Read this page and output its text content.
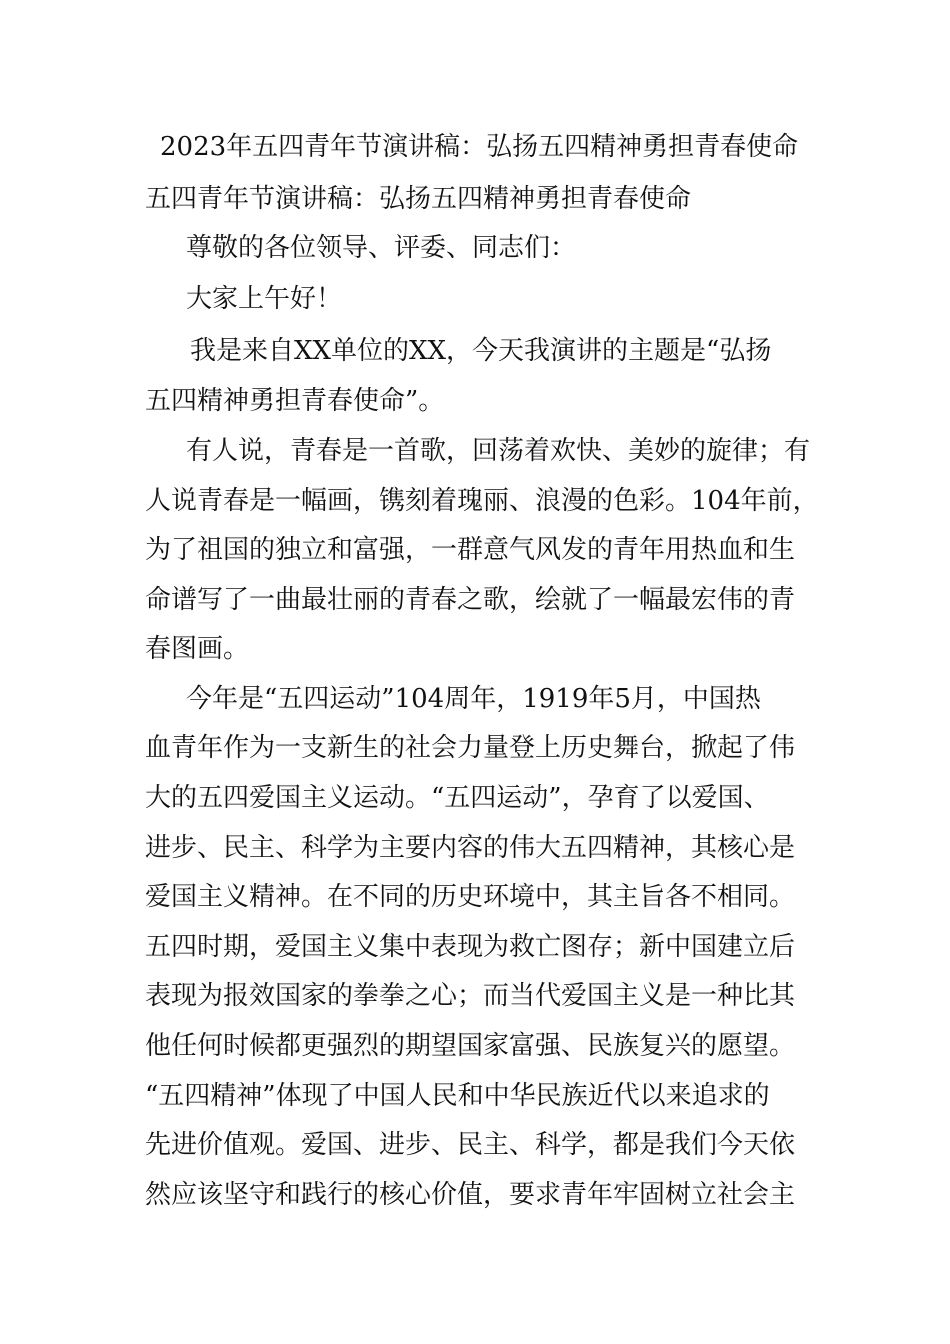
2023年五四青年节演讲稿：弘扬五四精神勇担青春使命
五四青年节演讲稿：弘扬五四精神勇担青春使命
尊敬的各位领导、评委、同志们：
大家上午好！
我是来自XX单位的XX，今天我演讲的主题是“弘扬
五四精神勇担青春使命”。
有人说，青春是一首歌，回荡着欢快、美妙的旋律；有
人说青春是一幅画，镌刻着瑰丽、浪漫的色彩。104年前，
为了祖国的独立和富强，一群意气风发的青年用热血和生
命谱写了一曲最壮丽的青春之歌，绘就了一幅最宏伟的青
春图画。
今年是“五四运动”104周年，1919年5月，中国热
血青年作为一支新生的社会力量登上历史舞台，掀起了伟
大的五四爱国主义运动。“五四运动”，孕育了以爱国、
进步、民主、科学为主要内容的伟大五四精神，其核心是
爱国主义精神。在不同的历史环境中，其主旨各不相同。
五四时期，爱国主义集中表现为救亡图存；新中国建立后
表现为报效国家的拳拳之心；而当代爱国主义是一种比其
他任何时候都更强烈的期望国家富强、民族复兴的愿望。
“五四精神”体现了中国人民和中华民族近代以来追求的
先进价值观。爱国、进步、民主、科学，都是我们今天依
然应该坚守和践行的核心价值，要求青年牢固树立社会主
